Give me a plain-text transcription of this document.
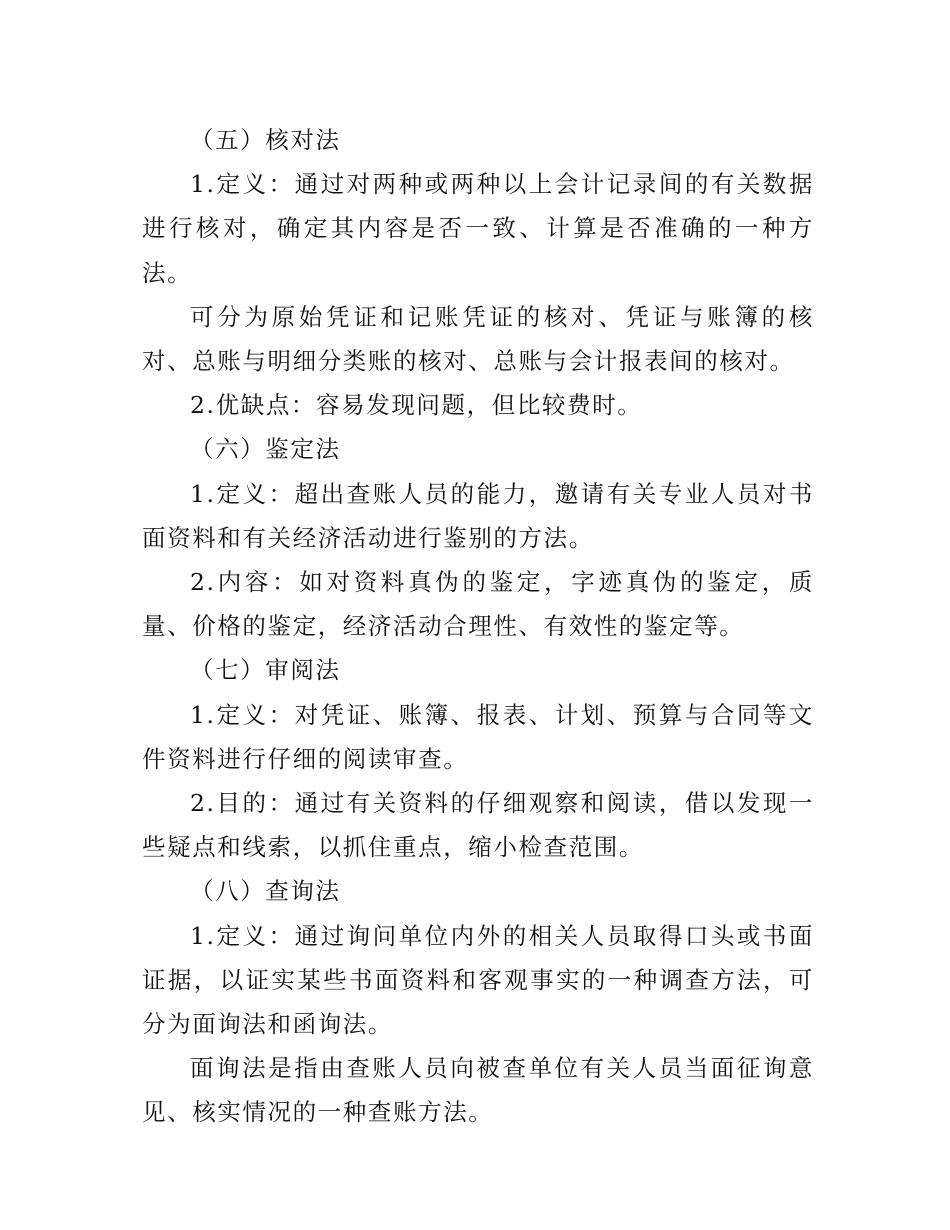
（五）核对法

1.定义：通过对两种或两种以上会计记录间的有关数据进行核对，确定其内容是否一致、计算是否准确的一种方法。

可分为原始凭证和记账凭证的核对、凭证与账簿的核对、总账与明细分类账的核对、总账与会计报表间的核对。

2.优缺点：容易发现问题，但比较费时。

（六）鉴定法

1.定义：超出查账人员的能力，邀请有关专业人员对书面资料和有关经济活动进行鉴别的方法。

2.内容：如对资料真伪的鉴定，字迹真伪的鉴定，质量、价格的鉴定，经济活动合理性、有效性的鉴定等。

（七）审阅法

1.定义：对凭证、账簿、报表、计划、预算与合同等文件资料进行仔细的阅读审查。

2.目的：通过有关资料的仔细观察和阅读，借以发现一些疑点和线索，以抓住重点，缩小检查范围。

（八）查询法

1.定义：通过询问单位内外的相关人员取得口头或书面证据，以证实某些书面资料和客观事实的一种调查方法，可分为面询法和函询法。

面询法是指由查账人员向被查单位有关人员当面征询意见、核实情况的一种查账方法。
